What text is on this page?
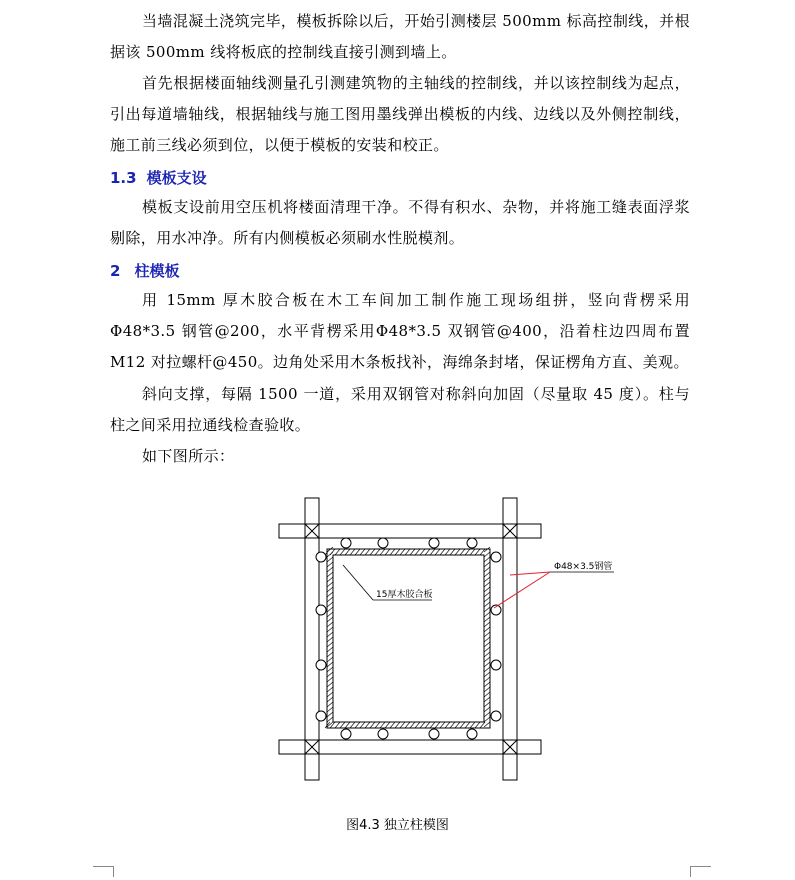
当墙混凝土浇筑完毕，模板拆除以后，开始引测楼层 500mm 标高控制线，并根据该 500mm 线将板底的控制线直接引测到墙上。
首先根据楼面轴线测量孔引测建筑物的主轴线的控制线，并以该控制线为起点，引出每道墙轴线，根据轴线与施工图用墨线弹出模板的内线、边线以及外侧控制线，施工前三线必须到位，以便于模板的安装和校正。
1.3 模板支设
模板支设前用空压机将楼面清理干净。不得有积水、杂物，并将施工缝表面浮浆剔除，用水冲净。所有内侧模板必须刷水性脱模剂。
2 柱模板
用 15mm 厚木胶合板在木工车间加工制作施工现场组拼，竖向背楞采用Φ48*3.5 钢管@200，水平背楞采用Φ48*3.5 双钢管@400，沿着柱边四周布置 M12 对拉螺杆@450。边角处采用木条板找补，海绵条封堵，保证楞角方直、美观。
斜向支撑，每隔 1500 一道，采用双钢管对称斜向加固（尽量取 45 度）。柱与柱之间采用拉通线检查验收。
如下图所示：
15厚木胶合板
Φ48×3.5钢管
图4.3 独立柱模图
